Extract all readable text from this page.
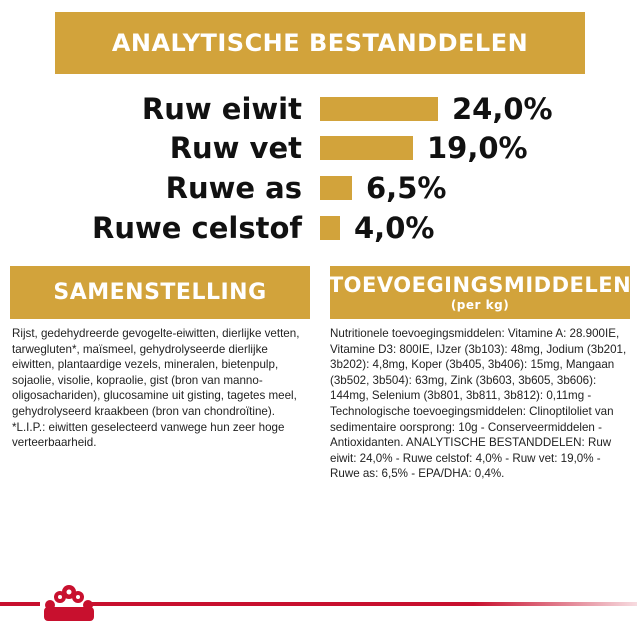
ANALYTISCHE BESTANDDELEN
Ruw eiwit	24,0%
Ruw vet	19,0%
Ruwe as 6,5%
Ruwe celstof 4,0%
SAMENSTELLING
Rijst, gedehydreerde gevogelte-eiwitten, dierlijke vetten, tarwegluten*, maïsmeel, gehydrolyseerde dierlijke eiwitten, plantaardige vezels, mineralen, bietenpulp, sojaolie, visolie, kopraolie, gist (bron van manno-oligosachariden), glucosamine uit gisting, tagetes meel, gehydrolyseerd kraakbeen (bron van chondroïtine). *L.I.P.: eiwitten geselecteerd vanwege hun zeer hoge verteerbaarheid.
TOEVOEGINGSMIDDELEN
(per kg)
Nutritionele toevoegingsmiddelen: Vitamine A: 28.900IE, Vitamine D3: 800IE, IJzer (3b103): 48mg, Jodium (3b201, 3b202): 4,8mg, Koper (3b405, 3b406): 15mg, Mangaan (3b502, 3b504): 63mg, Zink (3b603, 3b605, 3b606): 144mg, Selenium (3b801, 3b811, 3b812): 0,11mg - Technologische toevoegingsmiddelen: Clinoptiloliet van sedimentaire oorsprong: 10g - Conserveermiddelen - Antioxidanten. ANALYTISCHE BESTANDDELEN: Ruw eiwit: 24,0% - Ruwe celstof: 4,0% - Ruw vet: 19,0% - Ruwe as: 6,5% - EPA/DHA: 0,4%.
